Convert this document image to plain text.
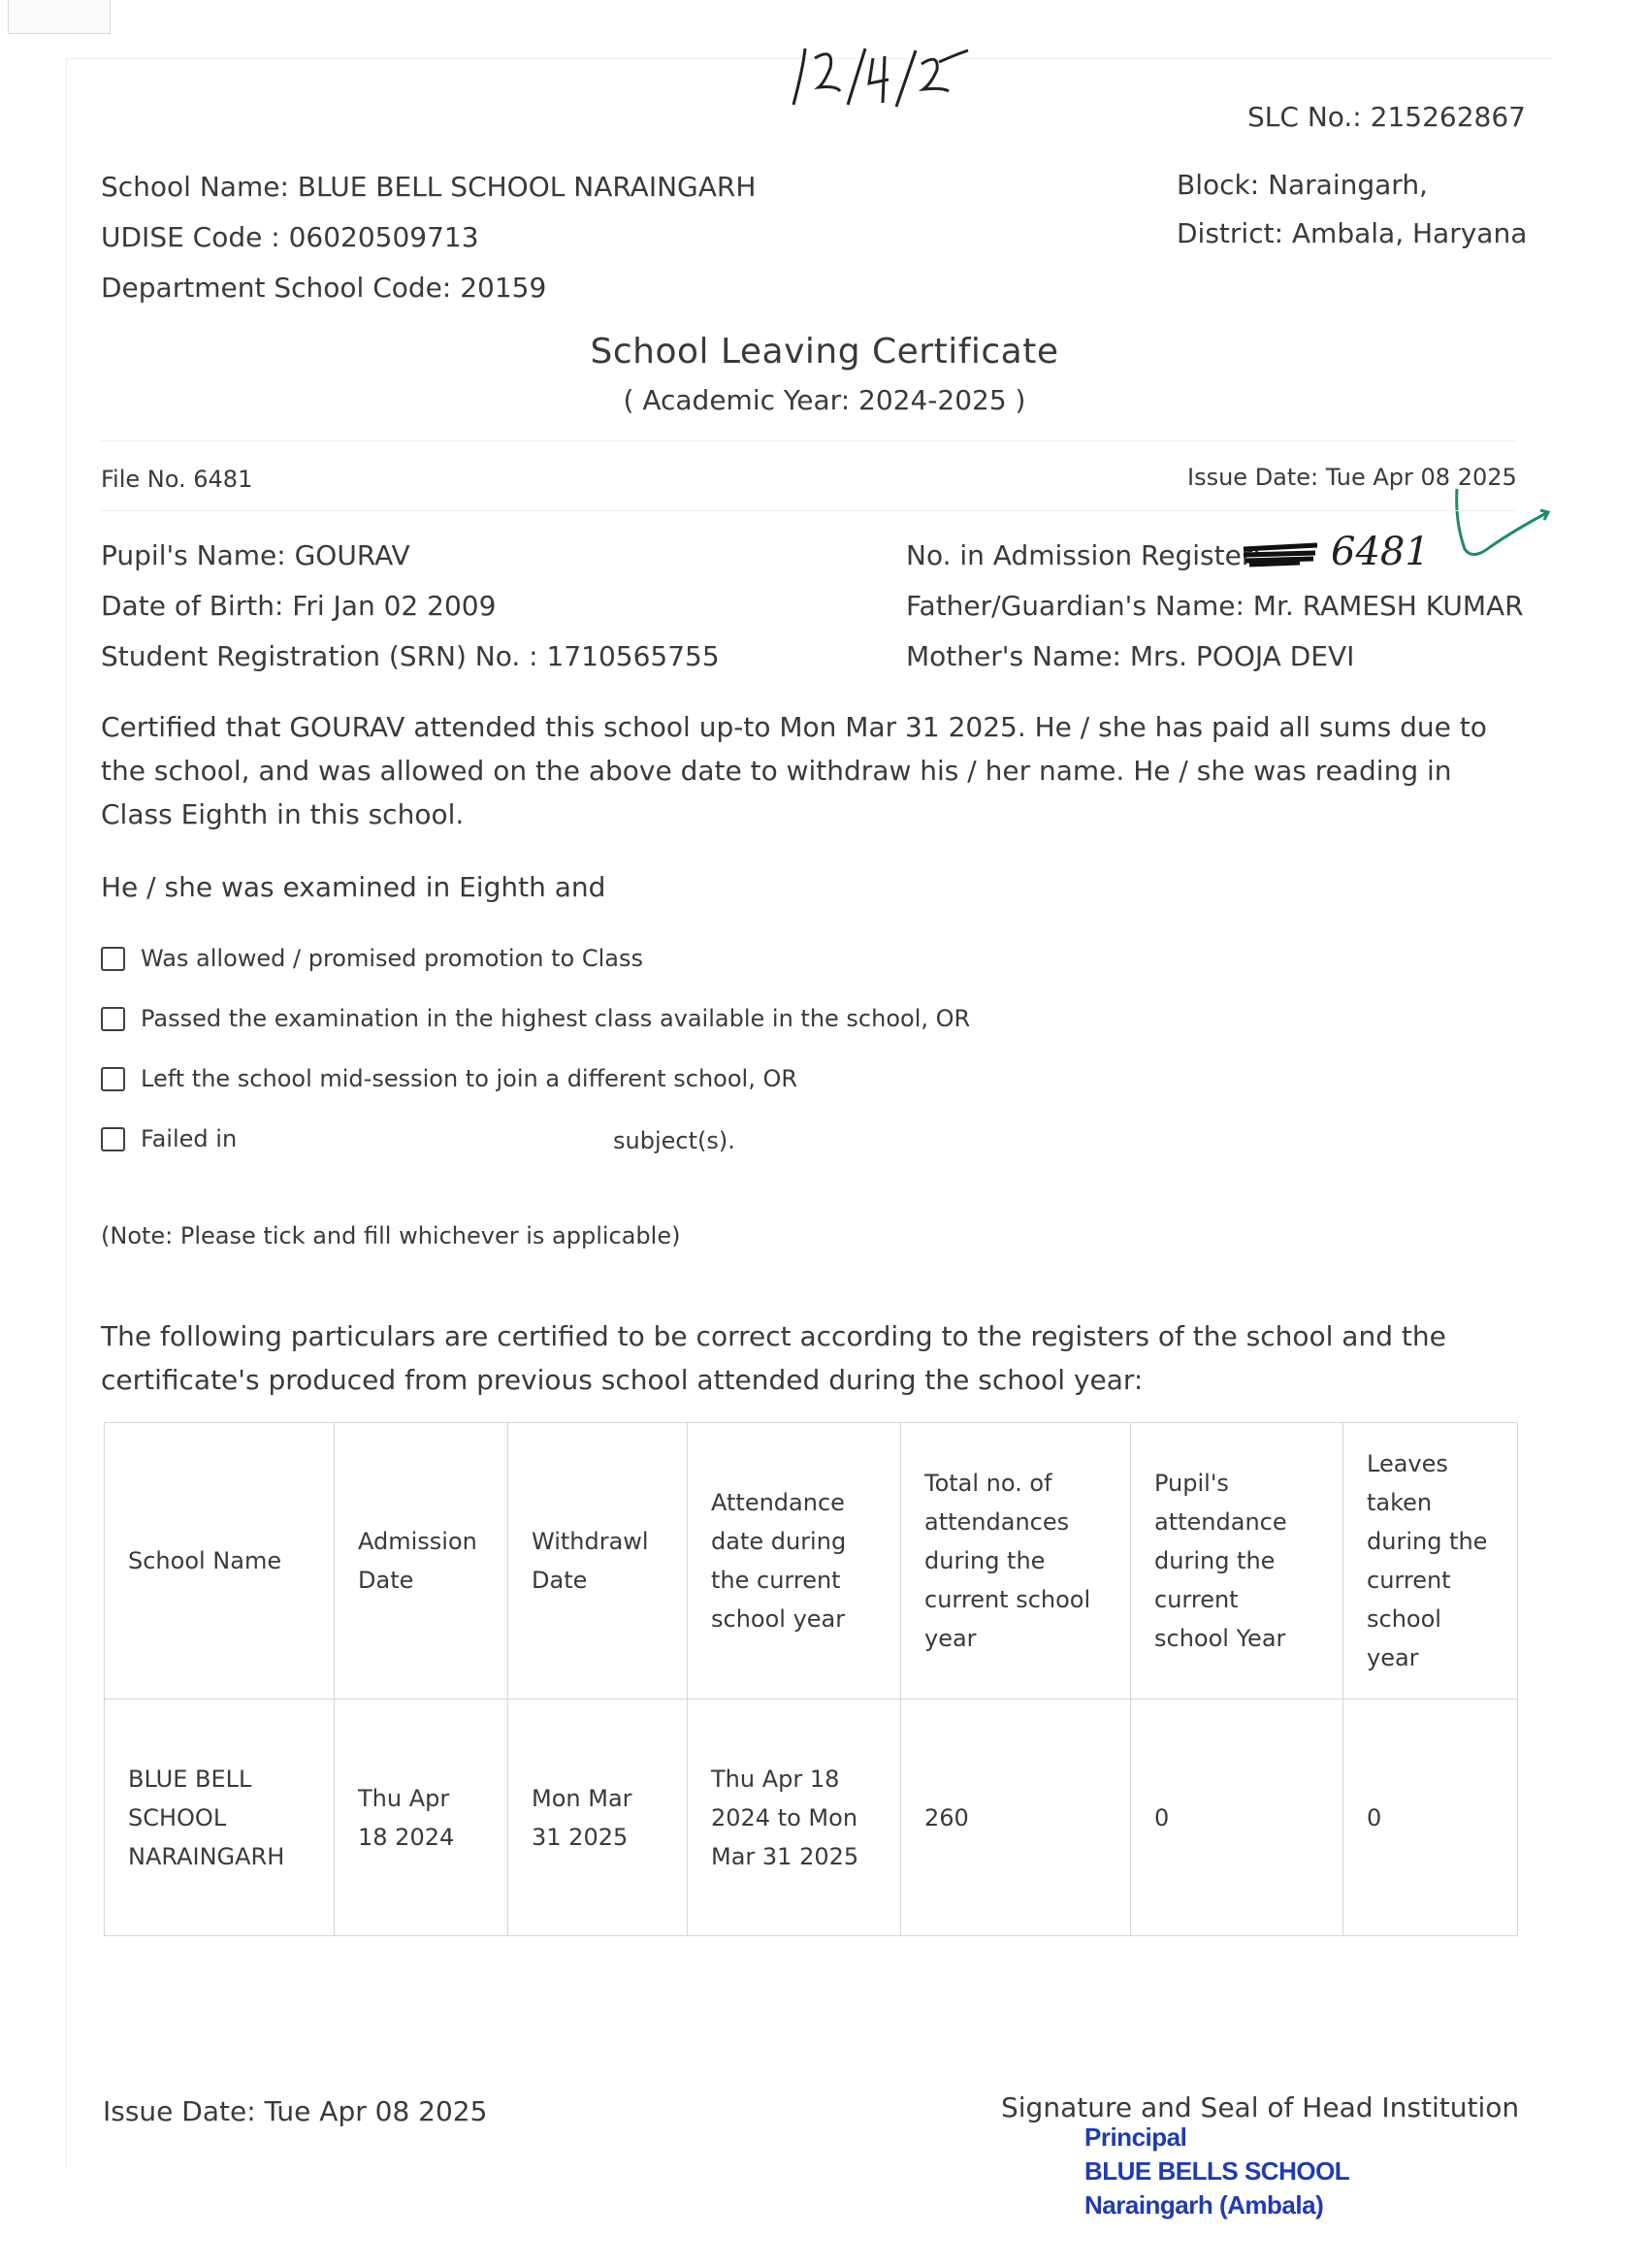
SLC No.: 215262867
School Name: BLUE BELL SCHOOL NARAINGARH
UDISE Code : 06020509713
Department School Code: 20159
Block: Naraingarh,
District: Ambala, Haryana
School Leaving Certificate
( Academic Year: 2024-2025 )
File No. 6481	Issue Date: Tue Apr 08 2025
Pupil's Name: GOURAV
Date of Birth: Fri Jan 02 2009
Student Registration (SRN) No. : 1710565755
No. in Admission Register: 6481
Father/Guardian's Name: Mr. RAMESH KUMAR
Mother's Name: Mrs. POOJA DEVI
Certified that GOURAV attended this school up-to Mon Mar 31 2025. He / she has paid all sums due to the school, and was allowed on the above date to withdraw his / her name. He / she was reading in Class Eighth in this school.
He / she was examined in Eighth and
Was allowed / promised promotion to Class
Passed the examination in the highest class available in the school, OR
Left the school mid-session to join a different school, OR
Failed in	subject(s).
(Note: Please tick and fill whichever is applicable)
The following particulars are certified to be correct according to the registers of the school and the certificate's produced from previous school attended during the school year:
School Name	Admission Date	Withdrawl Date	Attendance date during the current school year	Total no. of attendances during the current school year	Pupil's attendance during the current school Year	Leaves taken during the current school year
BLUE BELL SCHOOL NARAINGARH	Thu Apr 18 2024	Mon Mar 31 2025	Thu Apr 18 2024 to Mon Mar 31 2025	260	0	0
Issue Date: Tue Apr 08 2025	Signature and Seal of Head Institution
Principal
BLUE BELLS SCHOOL
Naraingarh (Ambala)
